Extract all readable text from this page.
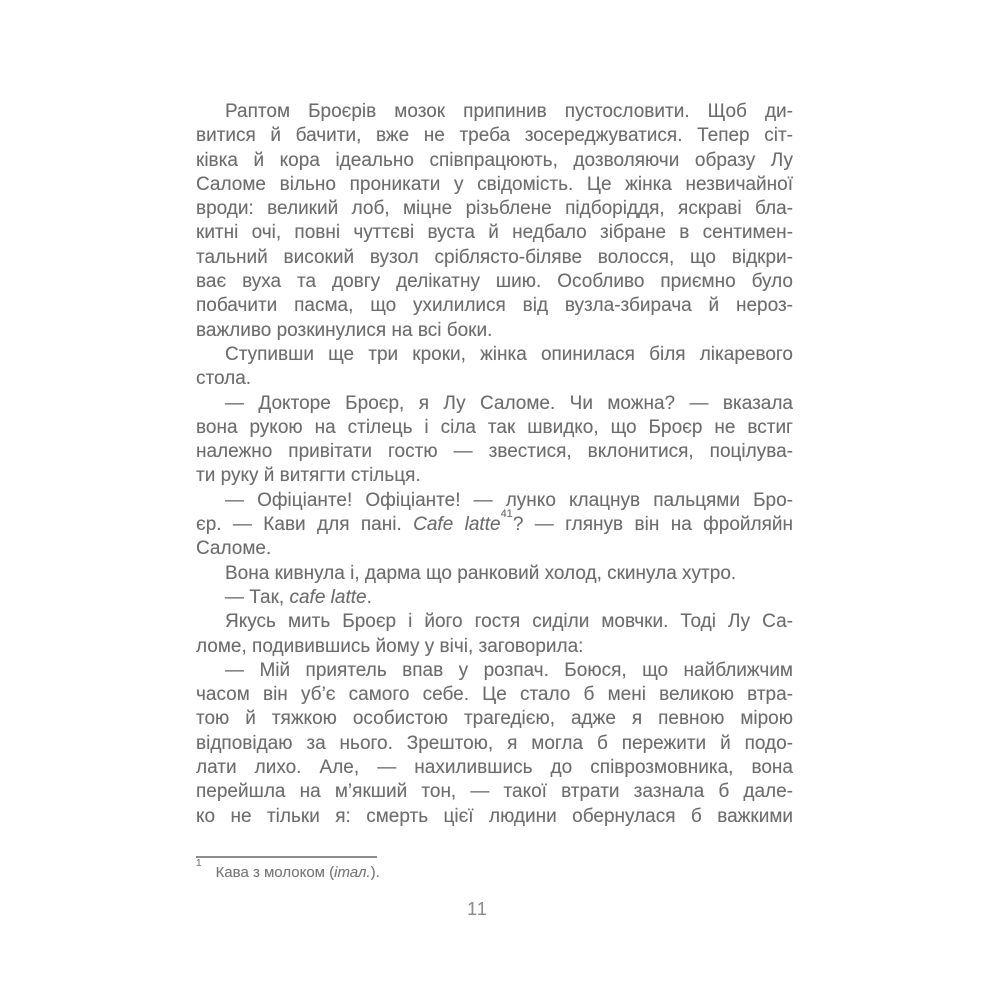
Раптом Броєрів мозок припинив пустословити. Щоб ди-
витися й бачити, вже не треба зосереджуватися. Тепер сіт-
ківка й кора ідеально співпрацюють, дозволяючи образу Лу
Саломе вільно проникати у свідомість. Це жінка незвичайної
вроди: великий лоб, міцне різьблене підборіддя, яскраві бла-
китні очі, повні чуттєві вуста й недбало зібране в сентимен-
тальний високий вузол сріблясто-біляве волосся, що відкри-
ває вуха та довгу делікатну шию. Особливо приємно було
побачити пасма, що ухилилися від вузла-збирача й нероз-
важливо розкинулися на всі боки.
Ступивши ще три кроки, жінка опинилася біля лікаревого
стола.
— Докторе Броєр, я Лу Саломе. Чи можна? — вказала
вона рукою на стілець і сіла так швидко, що Броєр не встиг
належно привітати гостю — звестися, вклонитися, поцілува-
ти руку й витягти стільця.
— Офіціанте! Офіціанте! — лунко клацнув пальцями Бро-
єр. — Кави для пані. Cafe latte$^{41}$? — глянув він на фройляйн
Саломе.
Вона кивнула і, дарма що ранковий холод, скинула хутро.
— Так, cafe latte.
Якусь мить Броєр і його гостя сиділи мовчки. Тоді Лу Са-
ломе, подивившись йому у вічі, заговорила:
— Мій приятель впав у розпач. Боюся, що найближчим
часом він уб’є самого себе. Це стало б мені великою втра-
тою й тяжкою особистою трагедією, адже я певною мірою
відповідаю за нього. Зрештою, я могла б пережити й подо-
лати лихо. Але, — нахилившись до співрозмовника, вона
перейшла на м’якший тон, — такої втрати зазнала б дале-
ко не тільки я: смерть цієї людини обернулася б важкими
$^1$Кава з молоком (італ.).
11
